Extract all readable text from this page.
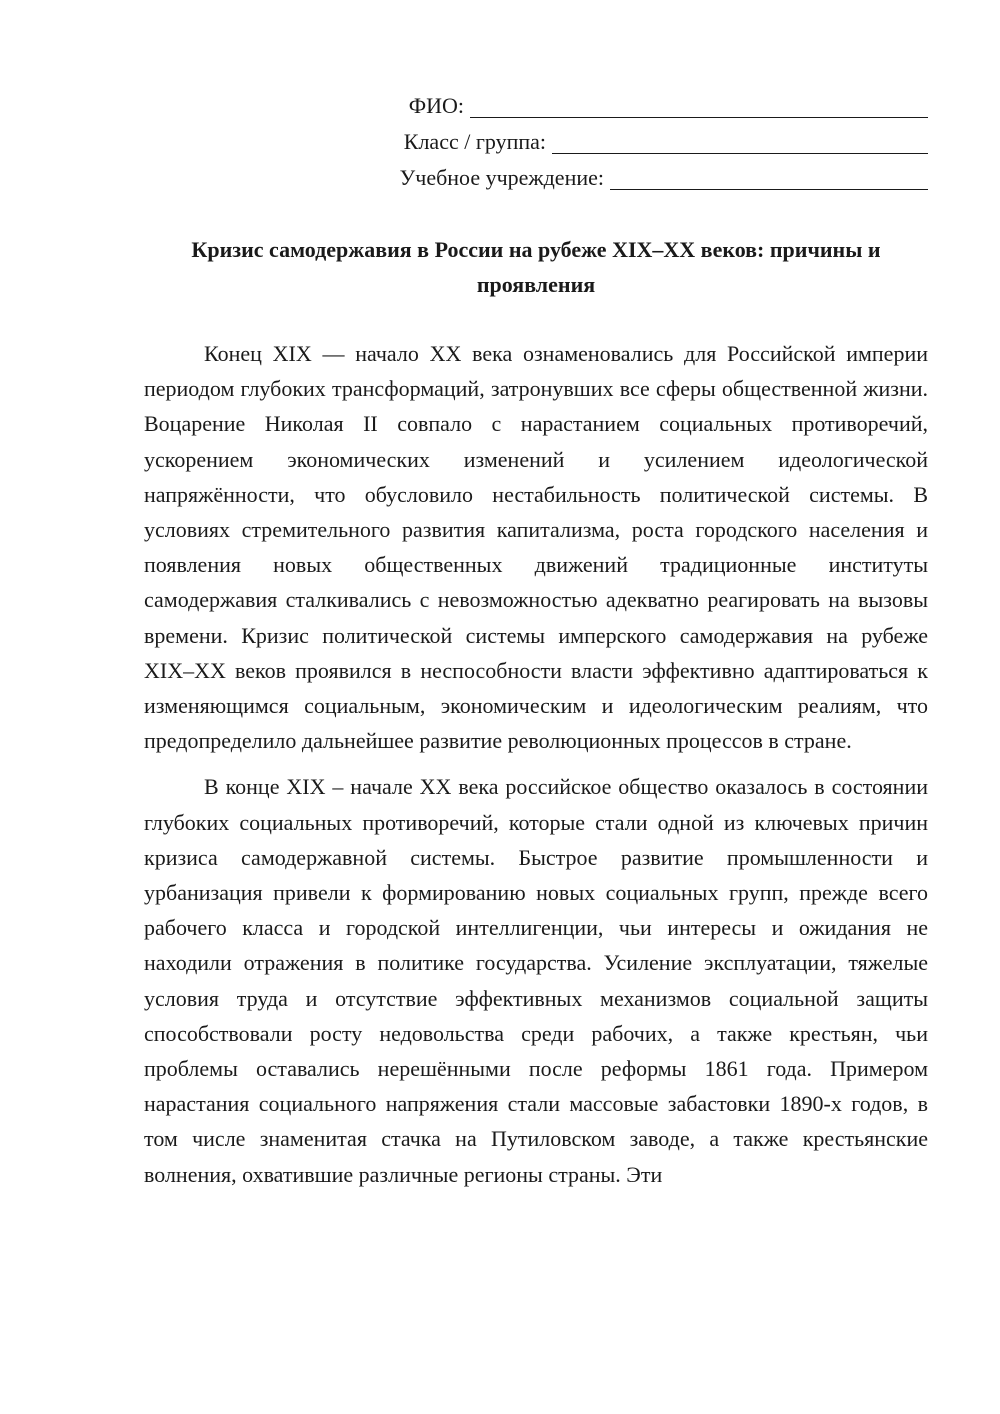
ФИО:
Класс / группа:
Учебное учреждение:
Кризис самодержавия в России на рубеже XIX–XX веков: причины и проявления

Конец XIX — начало XX века ознаменовались для Российской империи периодом глубоких трансформаций, затронувших все сферы общественной жизни. Воцарение Николая II совпало с нарастанием социальных противоречий, ускорением экономических изменений и усилением идеологической напряжённости, что обусловило нестабильность политической системы. В условиях стремительного развития капитализма, роста городского населения и появления новых общественных движений традиционные институты самодержавия сталкивались с невозможностью адекватно реагировать на вызовы времени. Кризис политической системы имперского самодержавия на рубеже XIX–XX веков проявился в неспособности власти эффективно адаптироваться к изменяющимся социальным, экономическим и идеологическим реалиям, что предопределило дальнейшее развитие революционных процессов в стране.

В конце XIX – начале XX века российское общество оказалось в состоянии глубоких социальных противоречий, которые стали одной из ключевых причин кризиса самодержавной системы. Быстрое развитие промышленности и урбанизация привели к формированию новых социальных групп, прежде всего рабочего класса и городской интеллигенции, чьи интересы и ожидания не находили отражения в политике государства. Усиление эксплуатации, тяжелые условия труда и отсутствие эффективных механизмов социальной защиты способствовали росту недовольства среди рабочих, а также крестьян, чьи проблемы оставались нерешёнными после реформы 1861 года. Примером нарастания социального напряжения стали массовые забастовки 1890-х годов, в том числе знаменитая стачка на Путиловском заводе, а также крестьянские волнения, охватившие различные регионы страны. Эти
